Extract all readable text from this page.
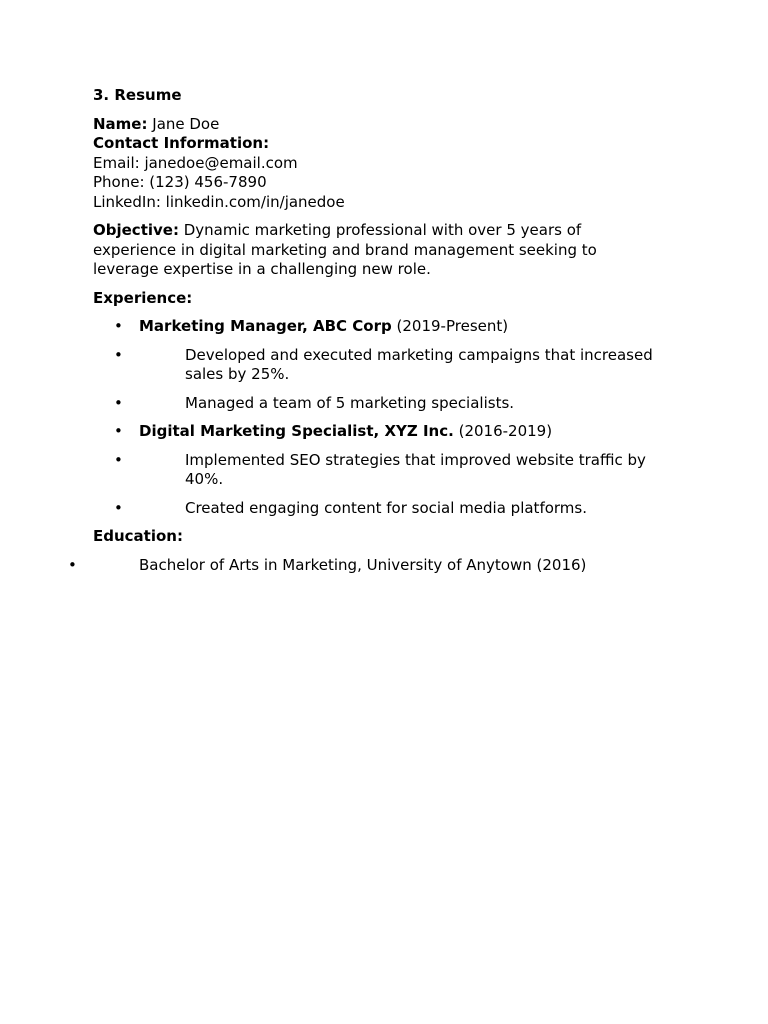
3. Resume
Name: Jane Doe
Contact Information:
Email: janedoe@email.com
Phone: (123) 456-7890
LinkedIn: linkedin.com/in/janedoe
Objective: Dynamic marketing professional with over 5 years of experience in digital marketing and brand management seeking to leverage expertise in a challenging new role.
Experience:
• Marketing Manager, ABC Corp (2019-Present)
•	Developed and executed marketing campaigns that increased sales by 25%.
•	Managed a team of 5 marketing specialists.
• Digital Marketing Specialist, XYZ Inc. (2016-2019)
•	Implemented SEO strategies that improved website traffic by 40%.
•	Created engaging content for social media platforms.
Education:
•	Bachelor of Arts in Marketing, University of Anytown (2016)
